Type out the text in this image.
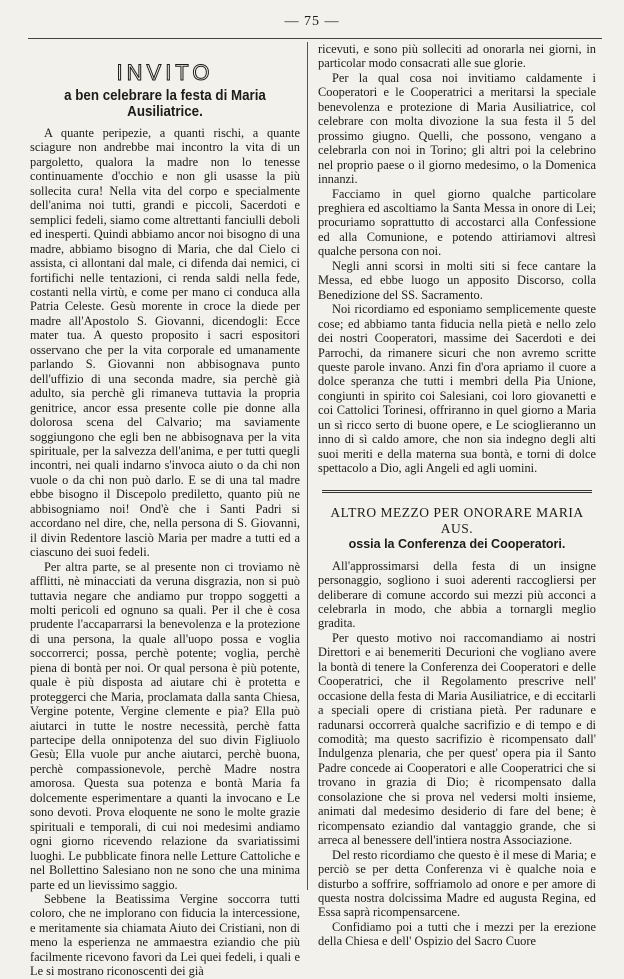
— 75 —
INVITO
a ben celebrare la festa di Maria Ausiliatrice.

A quante peripezie, a quanti rischi, a quante sciagure non andrebbe mai incontro la vita di un pargoletto, qualora la madre non lo tenesse continuamente d'occhio e non gli usasse la più sollecita cura! Nella vita del corpo e specialmente dell'anima noi tutti, grandi e piccoli, Sacerdoti e semplici fedeli, siamo come altrettanti fanciulli deboli ed inesperti. Quindi abbiamo ancor noi bisogno di una madre, abbiamo bisogno di Maria, che dal Cielo ci assista, ci allontani dal male, ci difenda dai nemici, ci fortifichi nelle tentazioni, ci renda saldi nella fede, costanti nella virtù, e come per mano ci conduca alla Patria Celeste. Gesù morente in croce la diede per madre all'Apostolo S. Giovanni, dicendogli: Ecce mater tua. A questo proposito i sacri espositori osservano che per la vita corporale ed umanamente parlando S. Giovanni non abbisognava punto dell'uffizio di una seconda madre, sia perchè già adulto, sia perchè gli rimaneva tuttavia la propria genitrice, ancor essa presente colle pie donne alla dolorosa scena del Calvario; ma saviamente soggiungono che egli ben ne abbisognava per la vita spirituale, per la salvezza dell'anima, e per tutti quegli incontri, nei quali indarno s'invoca aiuto o da chi non vuole o da chi non può darlo. E se di una tal madre ebbe bisogno il Discepolo prediletto, quanto più ne abbisogniamo noi! Ond'è che i Santi Padri si accordano nel dire, che, nella persona di S. Giovanni, il divin Redentore lasciò Maria per madre a tutti ed a ciascuno dei suoi fedeli.

Per altra parte, se al presente non ci troviamo nè afflitti, nè minacciati da veruna disgrazia, non si può tuttavia negare che andiamo pur troppo soggetti a molti pericoli ed ognuno sa quali. Per il che è cosa prudente l'accaparrarsi la benevolenza e la protezione di una persona, la quale all'uopo possa e voglia soccorrerci; possa, perchè potente; voglia, perchè piena di bontà per noi. Or qual persona è più potente, quale è più disposta ad aiutare chi è protetta e proteggerci che Maria, proclamata dalla santa Chiesa, Vergine potente, Vergine clemente e pia? Ella può aiutarci in tutte le nostre necessità, perchè fatta partecipe della onnipotenza del suo divin Figliuolo Gesù; Ella vuole pur anche aiutarci, perchè buona, perchè compassionevole, perchè Madre nostra amorosa. Questa sua potenza e bontà Maria fa dolcemente esperimentare a quanti la invocano e Le sono devoti. Prova eloquente ne sono le molte grazie spirituali e temporali, di cui noi medesimi andiamo ogni giorno ricevendo relazione da svariatissimi luoghi. Le pubblicate finora nelle Letture Cattoliche e nel Bollettino Salesiano non ne sono che una minima parte ed un lievissimo saggio.

Sebbene la Beatissima Vergine soccorra tutti coloro, che ne implorano con fiducia la intercessione, e meritamente sia chiamata Aiuto dei Cristiani, non di meno la esperienza ne ammaestra eziandio che più facilmente ricevono favori da Lei quei fedeli, i quali e Le si mostrano riconoscenti dei già

ricevuti, e sono più solleciti ad onorarla nei giorni, in particolar modo consacrati alle sue glorie.

Per la qual cosa noi invitiamo caldamente i Cooperatori e le Cooperatrici a meritarsi la speciale benevolenza e protezione di Maria Ausiliatrice, col celebrare con molta divozione la sua festa il 5 del prossimo giugno. Quelli, che possono, vengano a celebrarla con noi in Torino; gli altri poi la celebrino nel proprio paese o il giorno medesimo, o la Domenica innanzi.

Facciamo in quel giorno qualche particolare preghiera ed ascoltiamo la Santa Messa in onore di Lei; procuriamo soprattutto di accostarci alla Confessione ed alla Comunione, e potendo attiriamovi altresì qualche persona con noi.

Negli anni scorsi in molti siti si fece cantare la Messa, ed ebbe luogo un apposito Discorso, colla Benedizione del SS. Sacramento.

Noi ricordiamo ed esponiamo semplicemente queste cose; ed abbiamo tanta fiducia nella pietà e nello zelo dei nostri Cooperatori, massime dei Sacerdoti e dei Parrochi, da rimanere sicuri che non avremo scritte queste parole invano. Anzi fin d'ora apriamo il cuore a dolce speranza che tutti i membri della Pia Unione, congiunti in spirito coi Salesiani, coi loro giovanetti e coi Cattolici Torinesi, offriranno in quel giorno a Maria un sì ricco serto di buone opere, e Le scioglieranno un inno di sì caldo amore, che non sia indegno degli alti suoi meriti e della materna sua bontà, e torni di dolce spettacolo a Dio, agli Angeli ed agli uomini.

ALTRO MEZZO PER ONORARE MARIA AUS.
ossia la Conferenza dei Cooperatori.

All'approssimarsi della festa di un insigne personaggio, sogliono i suoi aderenti raccogliersi per deliberare di comune accordo sui mezzi più acconci a celebrarla in modo, che abbia a tornargli meglio gradita.

Per questo motivo noi raccomandiamo ai nostri Direttori e ai benemeriti Decurioni che vogliano avere la bontà di tenere la Conferenza dei Cooperatori e delle Cooperatrici, che il Regolamento prescrive nell' occasione della festa di Maria Ausiliatrice, e di eccitarli a speciali opere di cristiana pietà. Per radunare e radunarsi occorrerà qualche sacrifizio e di tempo e di comodità; ma questo sacrifizio è ricompensato dall' Indulgenza plenaria, che per quest' opera pia il Santo Padre concede ai Cooperatori e alle Cooperatrici che si trovano in grazia di Dio; è ricompensato dalla consolazione che si prova nel vedersi molti insieme, animati dal medesimo desiderio di fare del bene; è ricompensato eziandio dal vantaggio grande, che si arreca al benessere dell'intiera nostra Associazione.

Del resto ricordiamo che questo è il mese di Maria; e perciò se per detta Conferenza vi è qualche noia e disturbo a soffrire, soffriamolo ad onore e per amore di questa nostra dolcissima Madre ed augusta Regina, ed Essa saprà ricompensarcene.

Confidiamo poi a tutti che i mezzi per la erezione della Chiesa e dell' Ospizio del Sacro Cuore
